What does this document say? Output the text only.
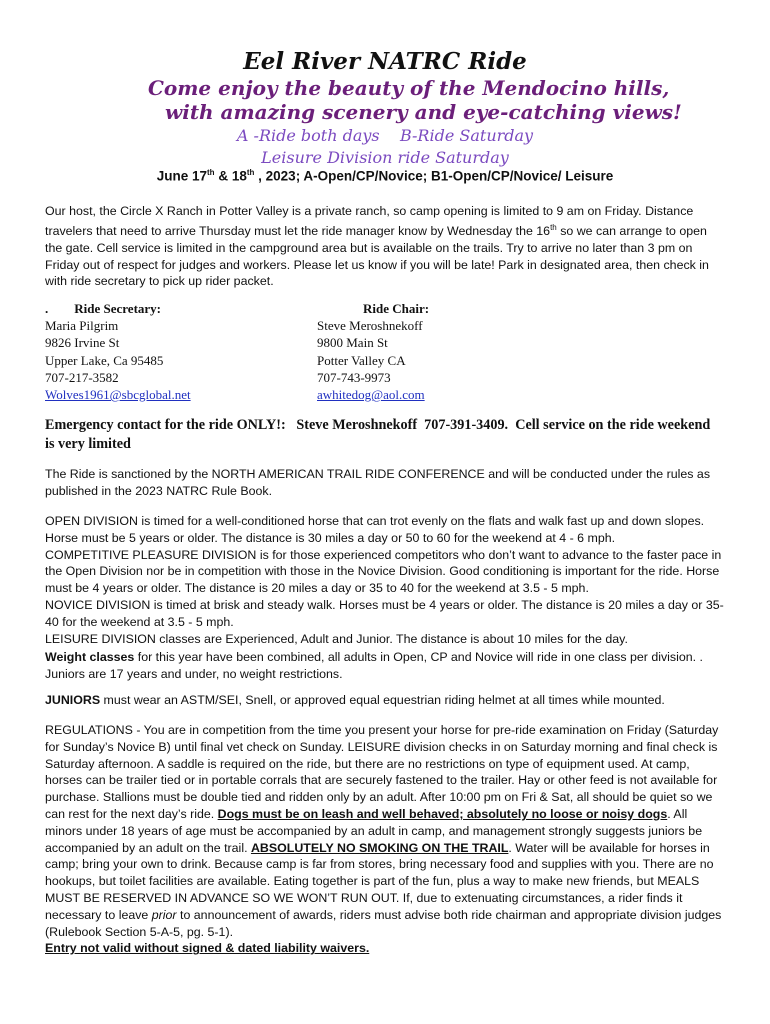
Eel River NATRC Ride
Come enjoy the beauty of the Mendocino hills,
with amazing scenery and eye-catching views!
A -Ride both days    B-Ride Saturday
Leisure Division ride Saturday
June 17th & 18th , 2023; A-Open/CP/Novice; B1-Open/CP/Novice/ Leisure

Our host, the Circle X Ranch in Potter Valley is a private ranch, so camp opening is limited to 9 am on Friday. Distance travelers that need to arrive Thursday must let the ride manager know by Wednesday the 16th so we can arrange to open the gate. Cell service is limited in the campground area but is available on the trails. Try to arrive no later than 3 pm on Friday out of respect for judges and workers. Please let us know if you will be late! Park in designated area, then check in with ride secretary to pick up rider packet.

.        Ride Secretary:
Maria Pilgrim
9826 Irvine St
Upper Lake, Ca 95485
707-217-3582
Wolves1961@sbcglobal.net
Ride Chair:
Steve Meroshnekoff
9800 Main St
Potter Valley CA
707-743-9973
awhitedog@aol.com

Emergency contact for the ride ONLY!:   Steve Meroshnekoff  707-391-3409.  Cell service on the ride weekend is very limited

The Ride is sanctioned by the NORTH AMERICAN TRAIL RIDE CONFERENCE and will be conducted under the rules as published in the 2023 NATRC Rule Book.

OPEN DIVISION is timed for a well-conditioned horse that can trot evenly on the flats and walk fast up and down slopes. Horse must be 5 years or older. The distance is 30 miles a day or 50 to 60 for the weekend at 4 - 6 mph.
COMPETITIVE PLEASURE DIVISION is for those experienced competitors who don’t want to advance to the faster pace in the Open Division nor be in competition with those in the Novice Division. Good conditioning is important for the ride. Horse must be 4 years or older. The distance is 20 miles a day or 35 to 40 for the weekend at 3.5 - 5 mph.
NOVICE DIVISION is timed at brisk and steady walk. Horses must be 4 years or older. The distance is 20 miles a day or 35- 40 for the weekend at 3.5 - 5 mph.
LEISURE DIVISION classes are Experienced, Adult and Junior. The distance is about 10 miles for the day.

Weight classes for this year have been combined, all adults in Open, CP and Novice will ride in one class per division. . Juniors are 17 years and under, no weight restrictions.

JUNIORS must wear an ASTM/SEI, Snell, or approved equal equestrian riding helmet at all times while mounted.

REGULATIONS - You are in competition from the time you present your horse for pre-ride examination on Friday (Saturday for Sunday’s Novice B) until final vet check on Sunday. LEISURE division checks in on Saturday morning and final check is Saturday afternoon. A saddle is required on the ride, but there are no restrictions on type of equipment used. At camp, horses can be trailer tied or in portable corrals that are securely fastened to the trailer. Hay or other feed is not available for purchase. Stallions must be double tied and ridden only by an adult. After 10:00 pm on Fri & Sat, all should be quiet so we can rest for the next day’s ride. Dogs must be on leash and well behaved; absolutely no loose or noisy dogs. All minors under 18 years of age must be accompanied by an adult in camp, and management strongly suggests juniors be accompanied by an adult on the trail. ABSOLUTELY NO SMOKING ON THE TRAIL. Water will be available for horses in camp; bring your own to drink. Because camp is far from stores, bring necessary food and supplies with you. There are no hookups, but toilet facilities are available. Eating together is part of the fun, plus a way to make new friends, but MEALS MUST BE RESERVED IN ADVANCE SO WE WON’T RUN OUT. If, due to extenuating circumstances, a rider finds it necessary to leave prior to announcement of awards, riders must advise both ride chairman and appropriate division judges (Rulebook Section 5-A-5, pg. 5-1).
Entry not valid without signed & dated liability waivers.
